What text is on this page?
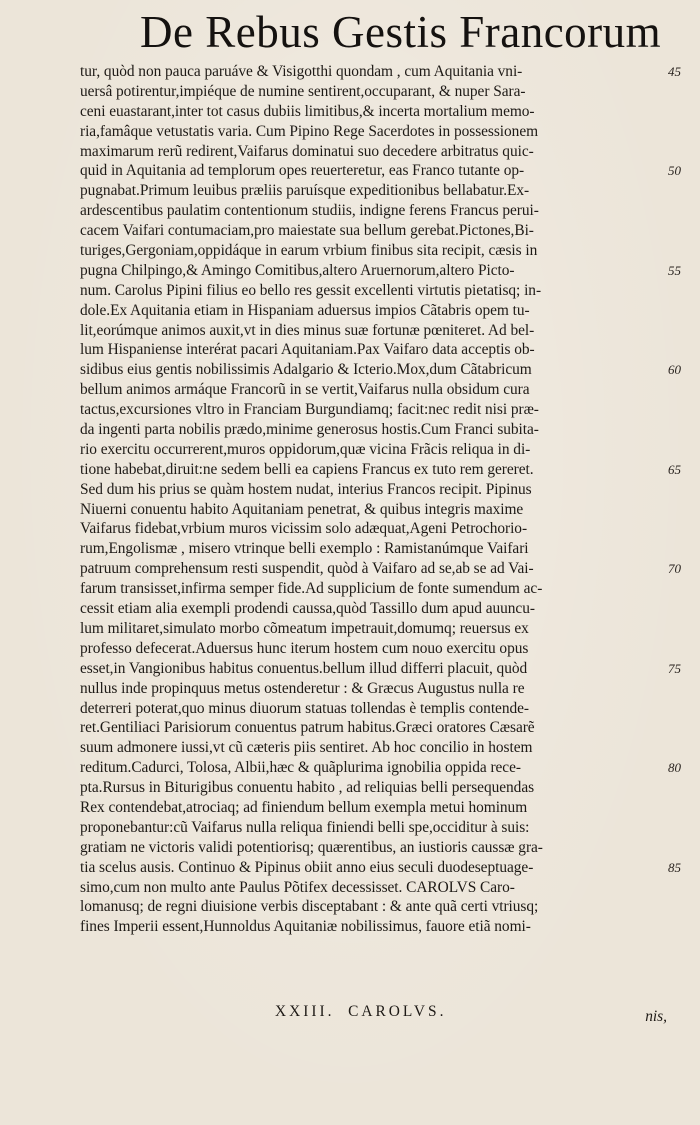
De Rebus Gestis Francorum
tur, quòd non pauca paruáve & Visigotthi quondam , cum Aquitania vni-	45
uersâ potirentur,impiéque de numine sentirent,occuparant, & nuper Sara-
ceni euastarant,inter tot casus dubiis limitibus,& incerta mortalium memo-
ria,famâque vetustatis varia. Cum Pipino Rege Sacerdotes in possessionem
maximarum rerũ redirent,Vaifarus dominatui suo decedere arbitratus quic-
quid in Aquitania ad templorum opes reuerteretur, eas Franco tutante op-	50
pugnabat.Primum leuibus præliis paruísque expeditionibus bellabatur.Ex-
ardescentibus paulatim contentionum studiis, indigne ferens Francus perui-
cacem Vaifari contumaciam,pro maiestate sua bellum gerebat.Pictones,Bi-
turiges,Gergoniam,oppidáque in earum vrbium finibus sita recipit, cæsis in
pugna Chilpingo,& Amingo Comitibus,altero Aruernorum,altero Picto-	55
num. Carolus Pipini filius eo bello res gessit excellenti virtutis pietatisq; in-
dole.Ex Aquitania etiam in Hispaniam aduersus impios Cãtabris opem tu-
lit,eorúmque animos auxit,vt in dies minus suæ fortunæ pœniteret. Ad bel-
lum Hispaniense interérat pacari Aquitaniam.Pax Vaifaro data acceptis ob-
sidibus eius gentis nobilissimis Adalgario & Icterio.Mox,dum Cãtabricum	60
bellum animos armáque Francorũ in se vertit,Vaifarus nulla obsidum cura
tactus,excursiones vltro in Franciam Burgundiamq; facit:nec redit nisi præ-
da ingenti parta nobilis prædo,minime generosus hostis.Cum Franci subita-
rio exercitu occurrerent,muros oppidorum,quæ vicina Frãcis reliqua in di-
tione habebat,diruit:ne sedem belli ea capiens Francus ex tuto rem gereret.	65
Sed dum his prius se quàm hostem nudat, interius Francos recipit. Pipinus
Niuerni conuentu habito Aquitaniam penetrat, & quibus integris maxime
Vaifarus fidebat,vrbium muros vicissim solo adæquat,Ageni Petrochorio-
rum,Engolismæ , misero vtrinque belli exemplo : Ramistanúmque Vaifari
patruum comprehensum resti suspendit, quòd à Vaifaro ad se,ab se ad Vai-	70
farum transisset,infirma semper fide.Ad supplicium de fonte sumendum ac-
cessit etiam alia exempli prodendi caussa,quòd Tassillo dum apud auuncu-
lum militaret,simulato morbo cõmeatum impetrauit,domumq; reuersus ex
professo defecerat.Aduersus hunc iterum hostem cum nouo exercitu opus
esset,in Vangionibus habitus conuentus.bellum illud differri placuit, quòd	75
nullus inde propinquus metus ostenderetur : & Græcus Augustus nulla re
deterreri poterat,quo minus diuorum statuas tollendas è templis contende-
ret.Gentiliaci Parisiorum conuentus patrum habitus.Græci oratores Cæsarẽ
suum admonere iussi,vt cũ cæteris piis sentiret. Ab hoc concilio in hostem
reditum.Cadurci, Tolosa, Albii,hæc & quãplurima ignobilia oppida rece-	80
pta.Rursus in Biturigibus conuentu habito , ad reliquias belli persequendas
Rex contendebat,atrociaq; ad finiendum bellum exempla metui hominum
proponebantur:cũ Vaifarus nulla reliqua finiendi belli spe,occiditur à suis:
gratiam ne victoris validi potentiorisq; quærentibus, an iustioris caussæ gra-
tia scelus ausis. Continuo & Pipinus obiit anno eius seculi duodeseptuage-	85
simo,cum non multo ante Paulus Põtifex decessisset. CAROLVS Caro-
lomanusq; de regni diuisione verbis disceptabant : & ante quã certi vtriusq;
fines Imperii essent,Hunnoldus Aquitaniæ nobilissimus, fauore etiã nomi-
XXIII. CAROLVS.	nis,
